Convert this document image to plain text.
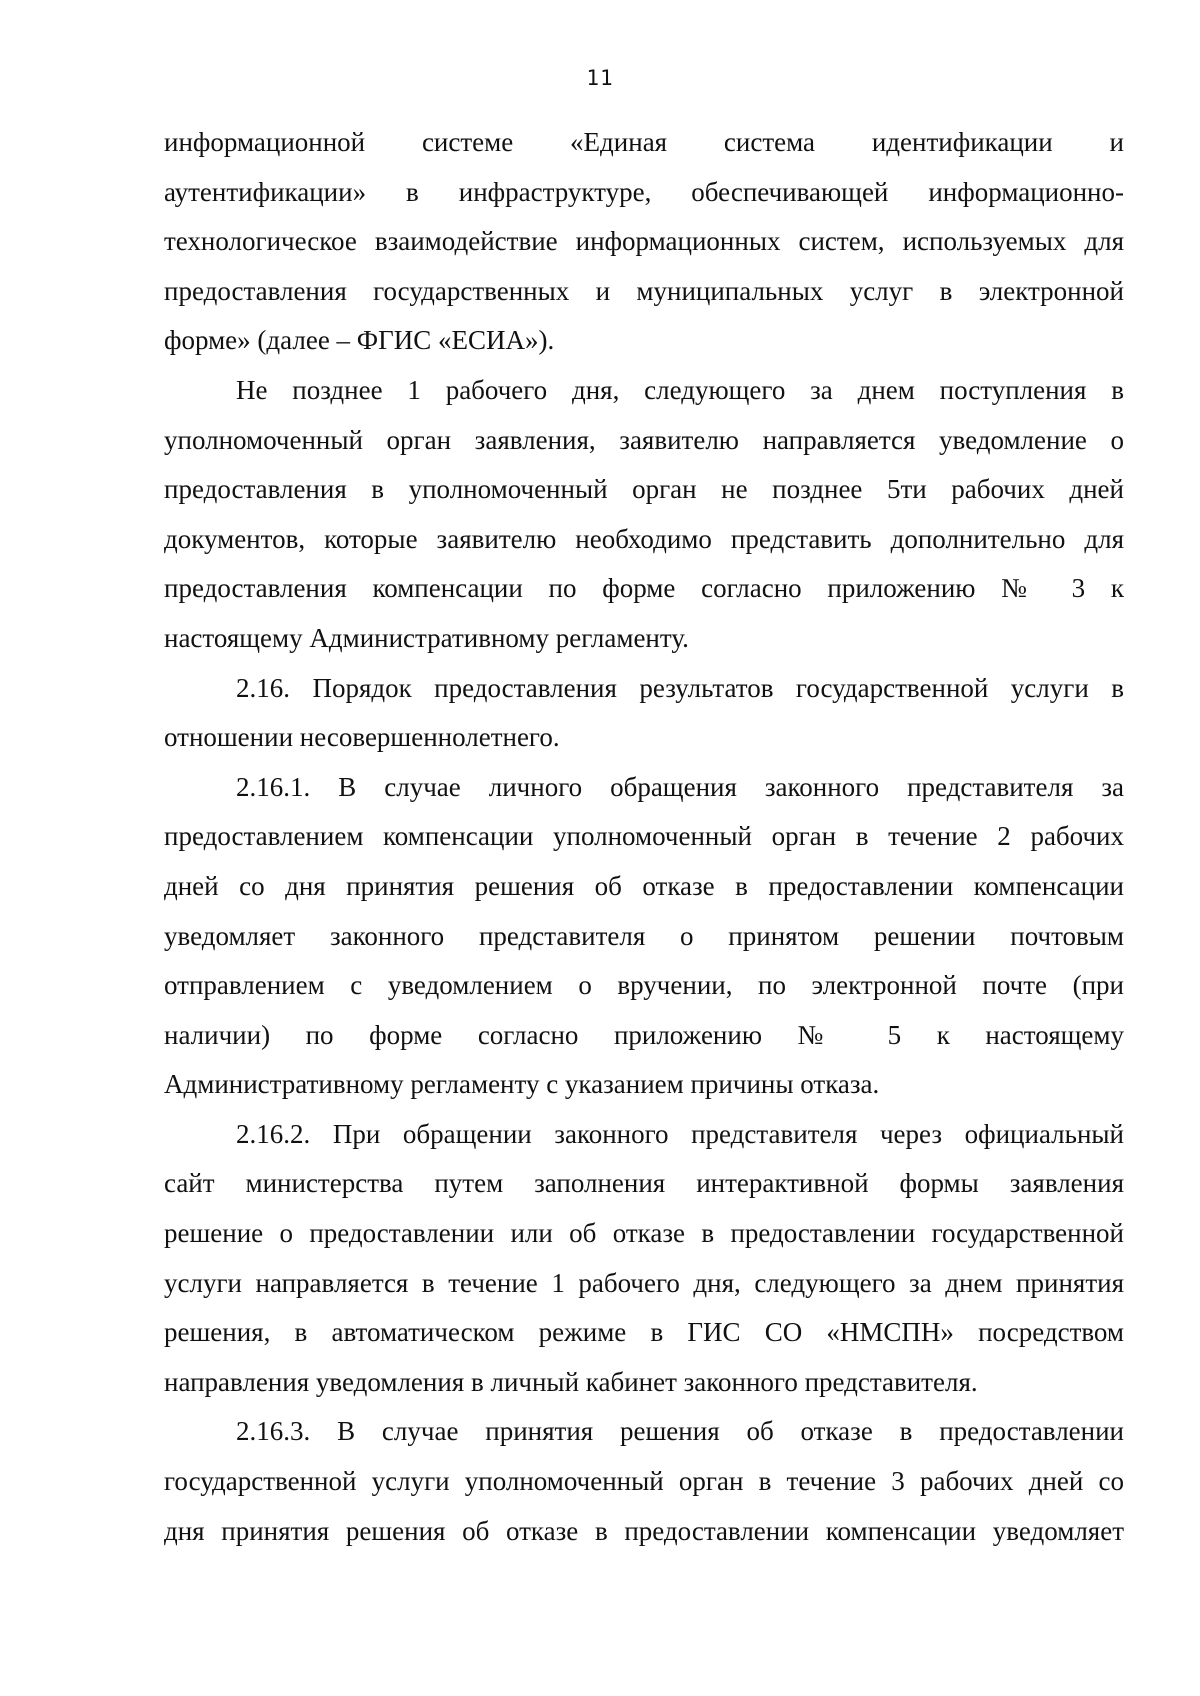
11

информационной системе «Единая система идентификации и
аутентификации» в инфраструктуре, обеспечивающей информационно-
технологическое взаимодействие информационных систем, используемых для
предоставления государственных и муниципальных услуг в электронной
форме» (далее – ФГИС «ЕСИА»).

Не позднее 1 рабочего дня, следующего за днем поступления в
уполномоченный орган заявления, заявителю направляется уведомление о
предоставления в уполномоченный орган не позднее 5ти рабочих дней
документов, которые заявителю необходимо представить дополнительно для
предоставления компенсации по форме согласно приложению № 3 к
настоящему Административному регламенту.

2.16. Порядок предоставления результатов государственной услуги в
отношении несовершеннолетнего.

2.16.1. В случае личного обращения законного представителя за
предоставлением компенсации уполномоченный орган в течение 2 рабочих
дней со дня принятия решения об отказе в предоставлении компенсации
уведомляет законного представителя о принятом решении почтовым
отправлением с уведомлением о вручении, по электронной почте (при
наличии) по форме согласно приложению № 5 к настоящему
Административному регламенту с указанием причины отказа.

2.16.2. При обращении законного представителя через официальный
сайт министерства путем заполнения интерактивной формы заявления
решение о предоставлении или об отказе в предоставлении государственной
услуги направляется в течение 1 рабочего дня, следующего за днем принятия
решения, в автоматическом режиме в ГИС СО «НМСПН» посредством
направления уведомления в личный кабинет законного представителя.

2.16.3. В случае принятия решения об отказе в предоставлении
государственной услуги уполномоченный орган в течение 3 рабочих дней со
дня принятия решения об отказе в предоставлении компенсации уведомляет
